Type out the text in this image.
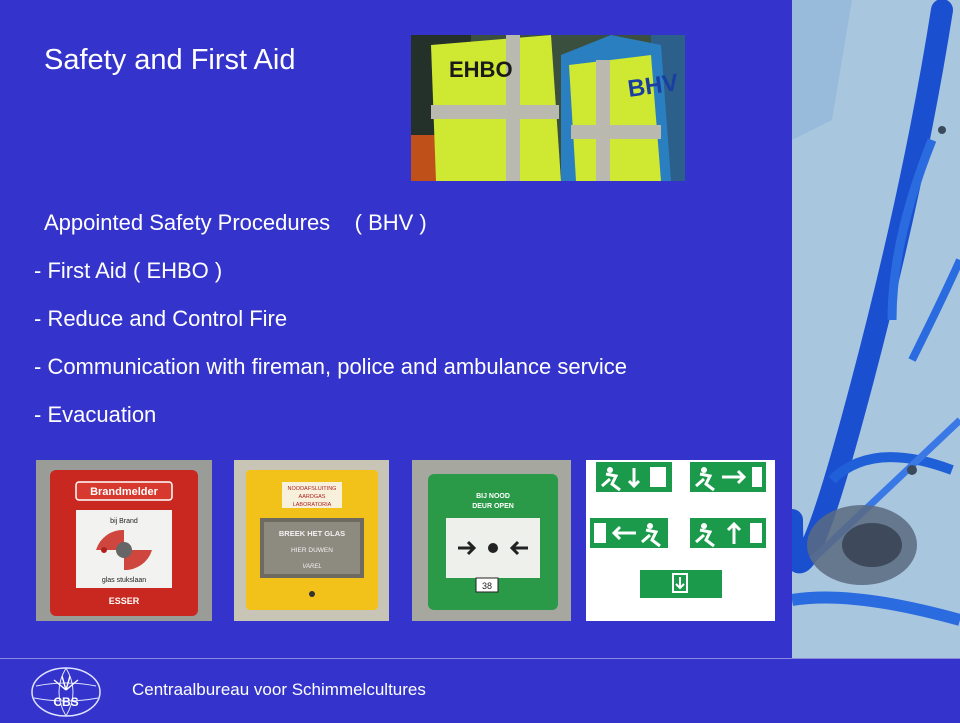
Safety and First Aid	EHBO	BHV
Appointed Safety Procedures    ( BHV )
- First Aid ( EHBO )
- Reduce and Control Fire
- Communication with fireman, police and ambulance service
- Evacuation
Brandmelder
bij Brand
glas stukslaan
ESSER
NOODAFSLUITING
AARDGAS
LABORATORIA
BREEK HET GLAS
HIER DUWEN
VAREL
BIJ NOOD
DEUR OPEN
38
CBS
Centraalbureau voor Schimmelcultures
